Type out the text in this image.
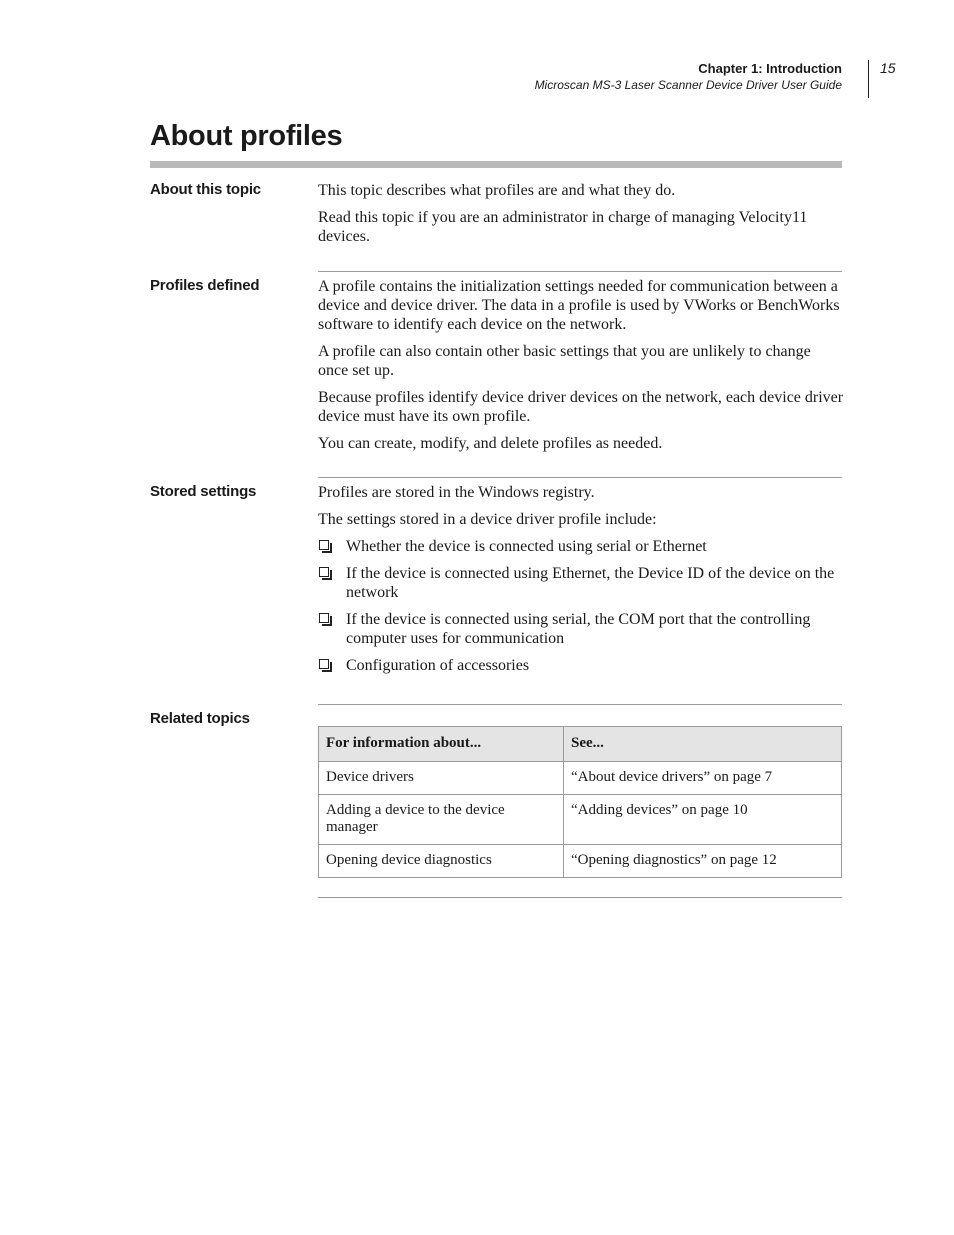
Chapter 1: Introduction
Microscan MS-3 Laser Scanner Device Driver User Guide
15
About profiles
About this topic	This topic describes what profiles are and what they do.

Read this topic if you are an administrator in charge of managing Velocity11 devices.

Profiles defined	A profile contains the initialization settings needed for communication between a device and device driver. The data in a profile is used by VWorks or BenchWorks software to identify each device on the network.

A profile can also contain other basic settings that you are unlikely to change once set up.

Because profiles identify device driver devices on the network, each device driver device must have its own profile.

You can create, modify, and delete profiles as needed.

Stored settings	Profiles are stored in the Windows registry.

The settings stored in a device driver profile include:

Whether the device is connected using serial or Ethernet
If the device is connected using Ethernet, the Device ID of the device on the network
If the device is connected using serial, the COM port that the controlling computer uses for communication
Configuration of accessories
Related topics
For information about...	See...
Device drivers	“About device drivers” on page 7
Adding a device to the device manager	“Adding devices” on page 10
Opening device diagnostics	“Opening diagnostics” on page 12
